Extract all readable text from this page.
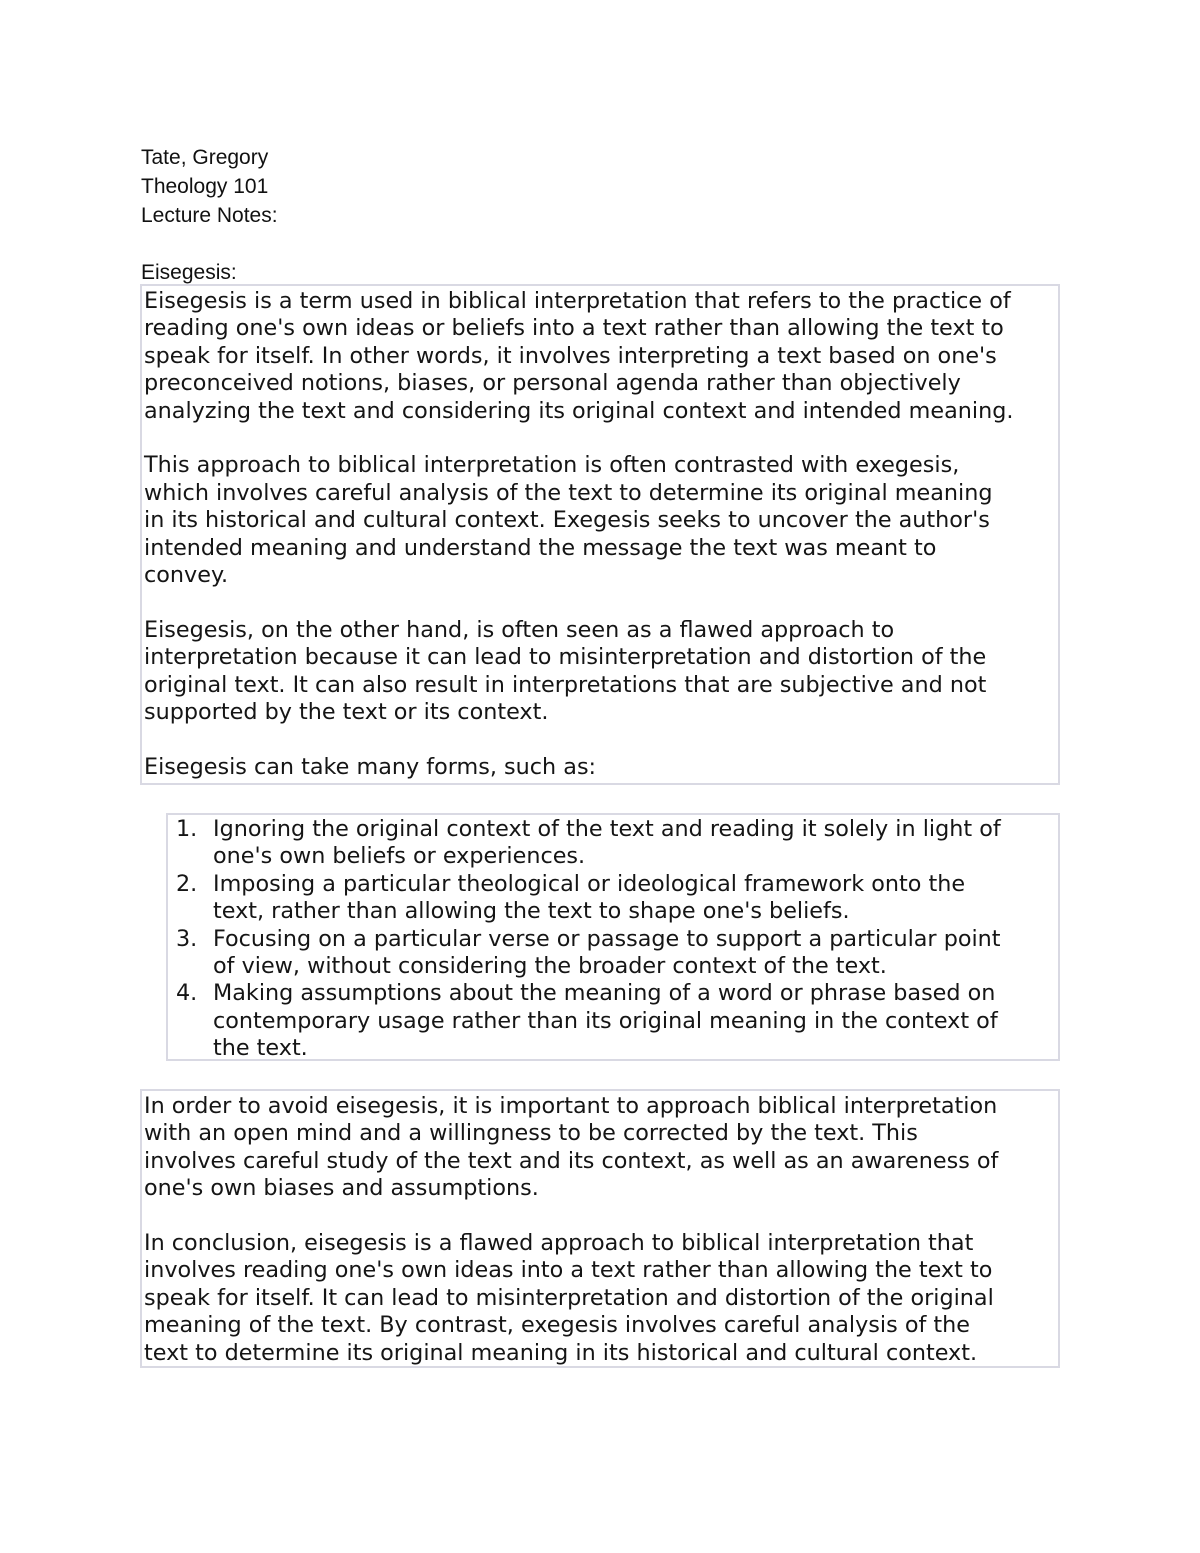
Tate, Gregory
Theology 101
Lecture Notes:
Eisegesis:

Eisegesis is a term used in biblical interpretation that refers to the practice of
reading one's own ideas or beliefs into a text rather than allowing the text to
speak for itself. In other words, it involves interpreting a text based on one's
preconceived notions, biases, or personal agenda rather than objectively
analyzing the text and considering its original context and intended meaning.

This approach to biblical interpretation is often contrasted with exegesis,
which involves careful analysis of the text to determine its original meaning
in its historical and cultural context. Exegesis seeks to uncover the author's
intended meaning and understand the message the text was meant to
convey.

Eisegesis, on the other hand, is often seen as a flawed approach to
interpretation because it can lead to misinterpretation and distortion of the
original text. It can also result in interpretations that are subjective and not
supported by the text or its context.

Eisegesis can take many forms, such as:

1. Ignoring the original context of the text and reading it solely in light of
one's own beliefs or experiences.
2. Imposing a particular theological or ideological framework onto the
text, rather than allowing the text to shape one's beliefs.
3. Focusing on a particular verse or passage to support a particular point
of view, without considering the broader context of the text.
4. Making assumptions about the meaning of a word or phrase based on
contemporary usage rather than its original meaning in the context of
the text.

In order to avoid eisegesis, it is important to approach biblical interpretation
with an open mind and a willingness to be corrected by the text. This
involves careful study of the text and its context, as well as an awareness of
one's own biases and assumptions.

In conclusion, eisegesis is a flawed approach to biblical interpretation that
involves reading one's own ideas into a text rather than allowing the text to
speak for itself. It can lead to misinterpretation and distortion of the original
meaning of the text. By contrast, exegesis involves careful analysis of the
text to determine its original meaning in its historical and cultural context.
